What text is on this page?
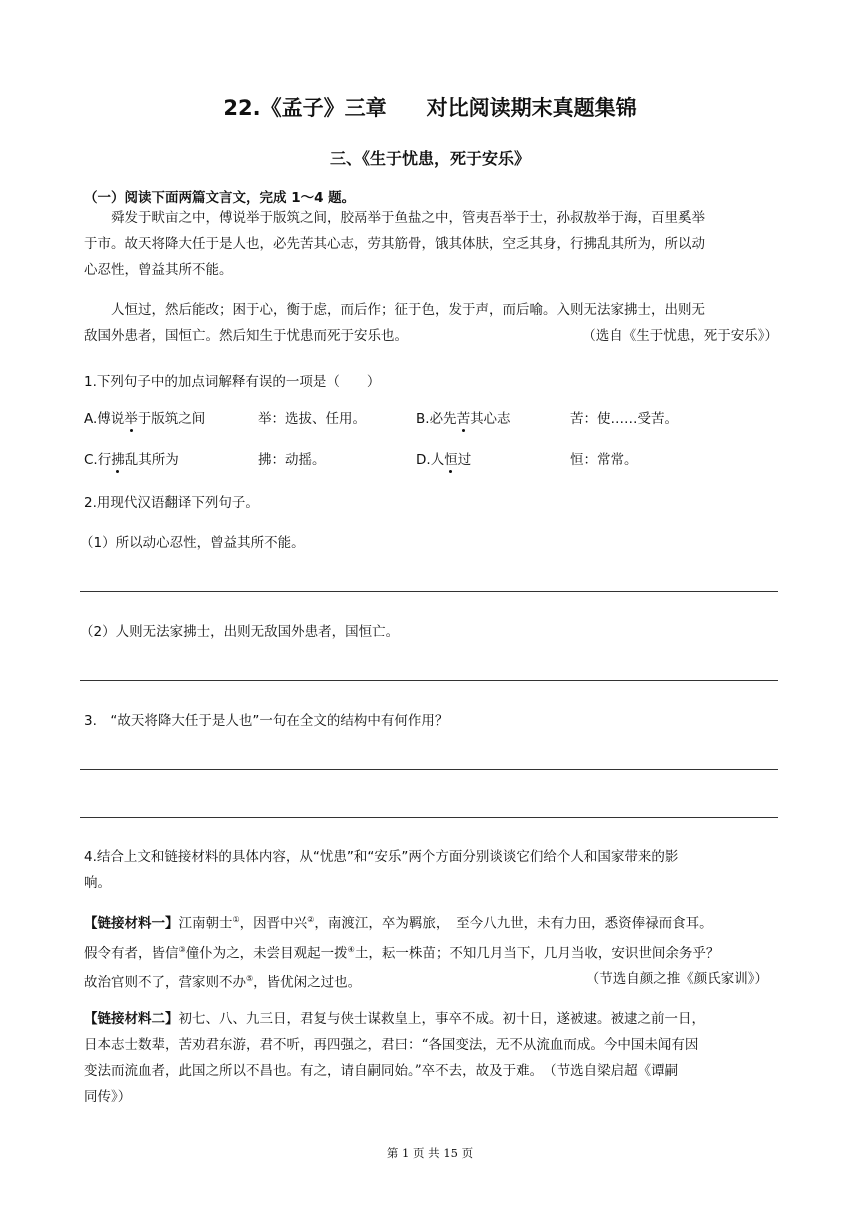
22.《孟子》三章 对比阅读期末真题集锦
三、《生于忧患，死于安乐》
（一）阅读下面两篇文言文，完成 1～4 题。
舜发于畎亩之中，傅说举于版筑之间，胶鬲举于鱼盐之中，管夷吾举于士，孙叔敖举于海，百里奚举
于市。故天将降大任于是人也，必先苦其心志，劳其筋骨，饿其体肤，空乏其身，行拂乱其所为，所以动
心忍性，曾益其所不能。
人恒过，然后能改；困于心，衡于虑，而后作；征于色，发于声，而后喻。入则无法家拂士，出则无
敌国外患者，国恒亡。然后知生于忧患而死于安乐也。	（选自《生于忧患，死于安乐》）
1.下列句子中的加点词解释有误的一项是（　　）
A.傅说举于版筑之间	举：选拔、任用。	B.必先苦其心志	苦：使……受苦。
C.行拂乱其所为	拂：动摇。	D.人恒过	恒：常常。
2.用现代汉语翻译下列句子。
（1）所以动心忍性，曾益其所不能。
（2）人则无法家拂士，出则无敌国外患者，国恒亡。
3.　“故天将降大任于是人也”一句在全文的结构中有何作用？
4.结合上文和链接材料的具体内容，从“忧患”和“安乐”两个方面分别谈谈它们给个人和国家带来的影
响。
【链接材料一】江南朝士①，因晋中兴②，南渡江，卒为羁旅，　至今八九世，未有力田，悉资俸禄而食耳。
假令有者，皆信③僮仆为之，未尝目观起一拨④土，耘一株苗；不知几月当下，几月当收，安识世间余务乎？
故治官则不了，营家则不办⑤，皆优闲之过也。	（节选自颜之推《颜氏家训》）
【链接材料二】初七、八、九三日，君复与侠士谋救皇上，事卒不成。初十日，遂被逮。被逮之前一日，
日本志士数辈，苦劝君东游，君不听，再四强之，君曰：“各国变法，无不从流血而成。今中国未闻有因
变法而流血者，此国之所以不昌也。有之，请自嗣同始。”卒不去，故及于难。　（节选自梁启超《谭嗣
同传》）
第 1 页 共 15 页
